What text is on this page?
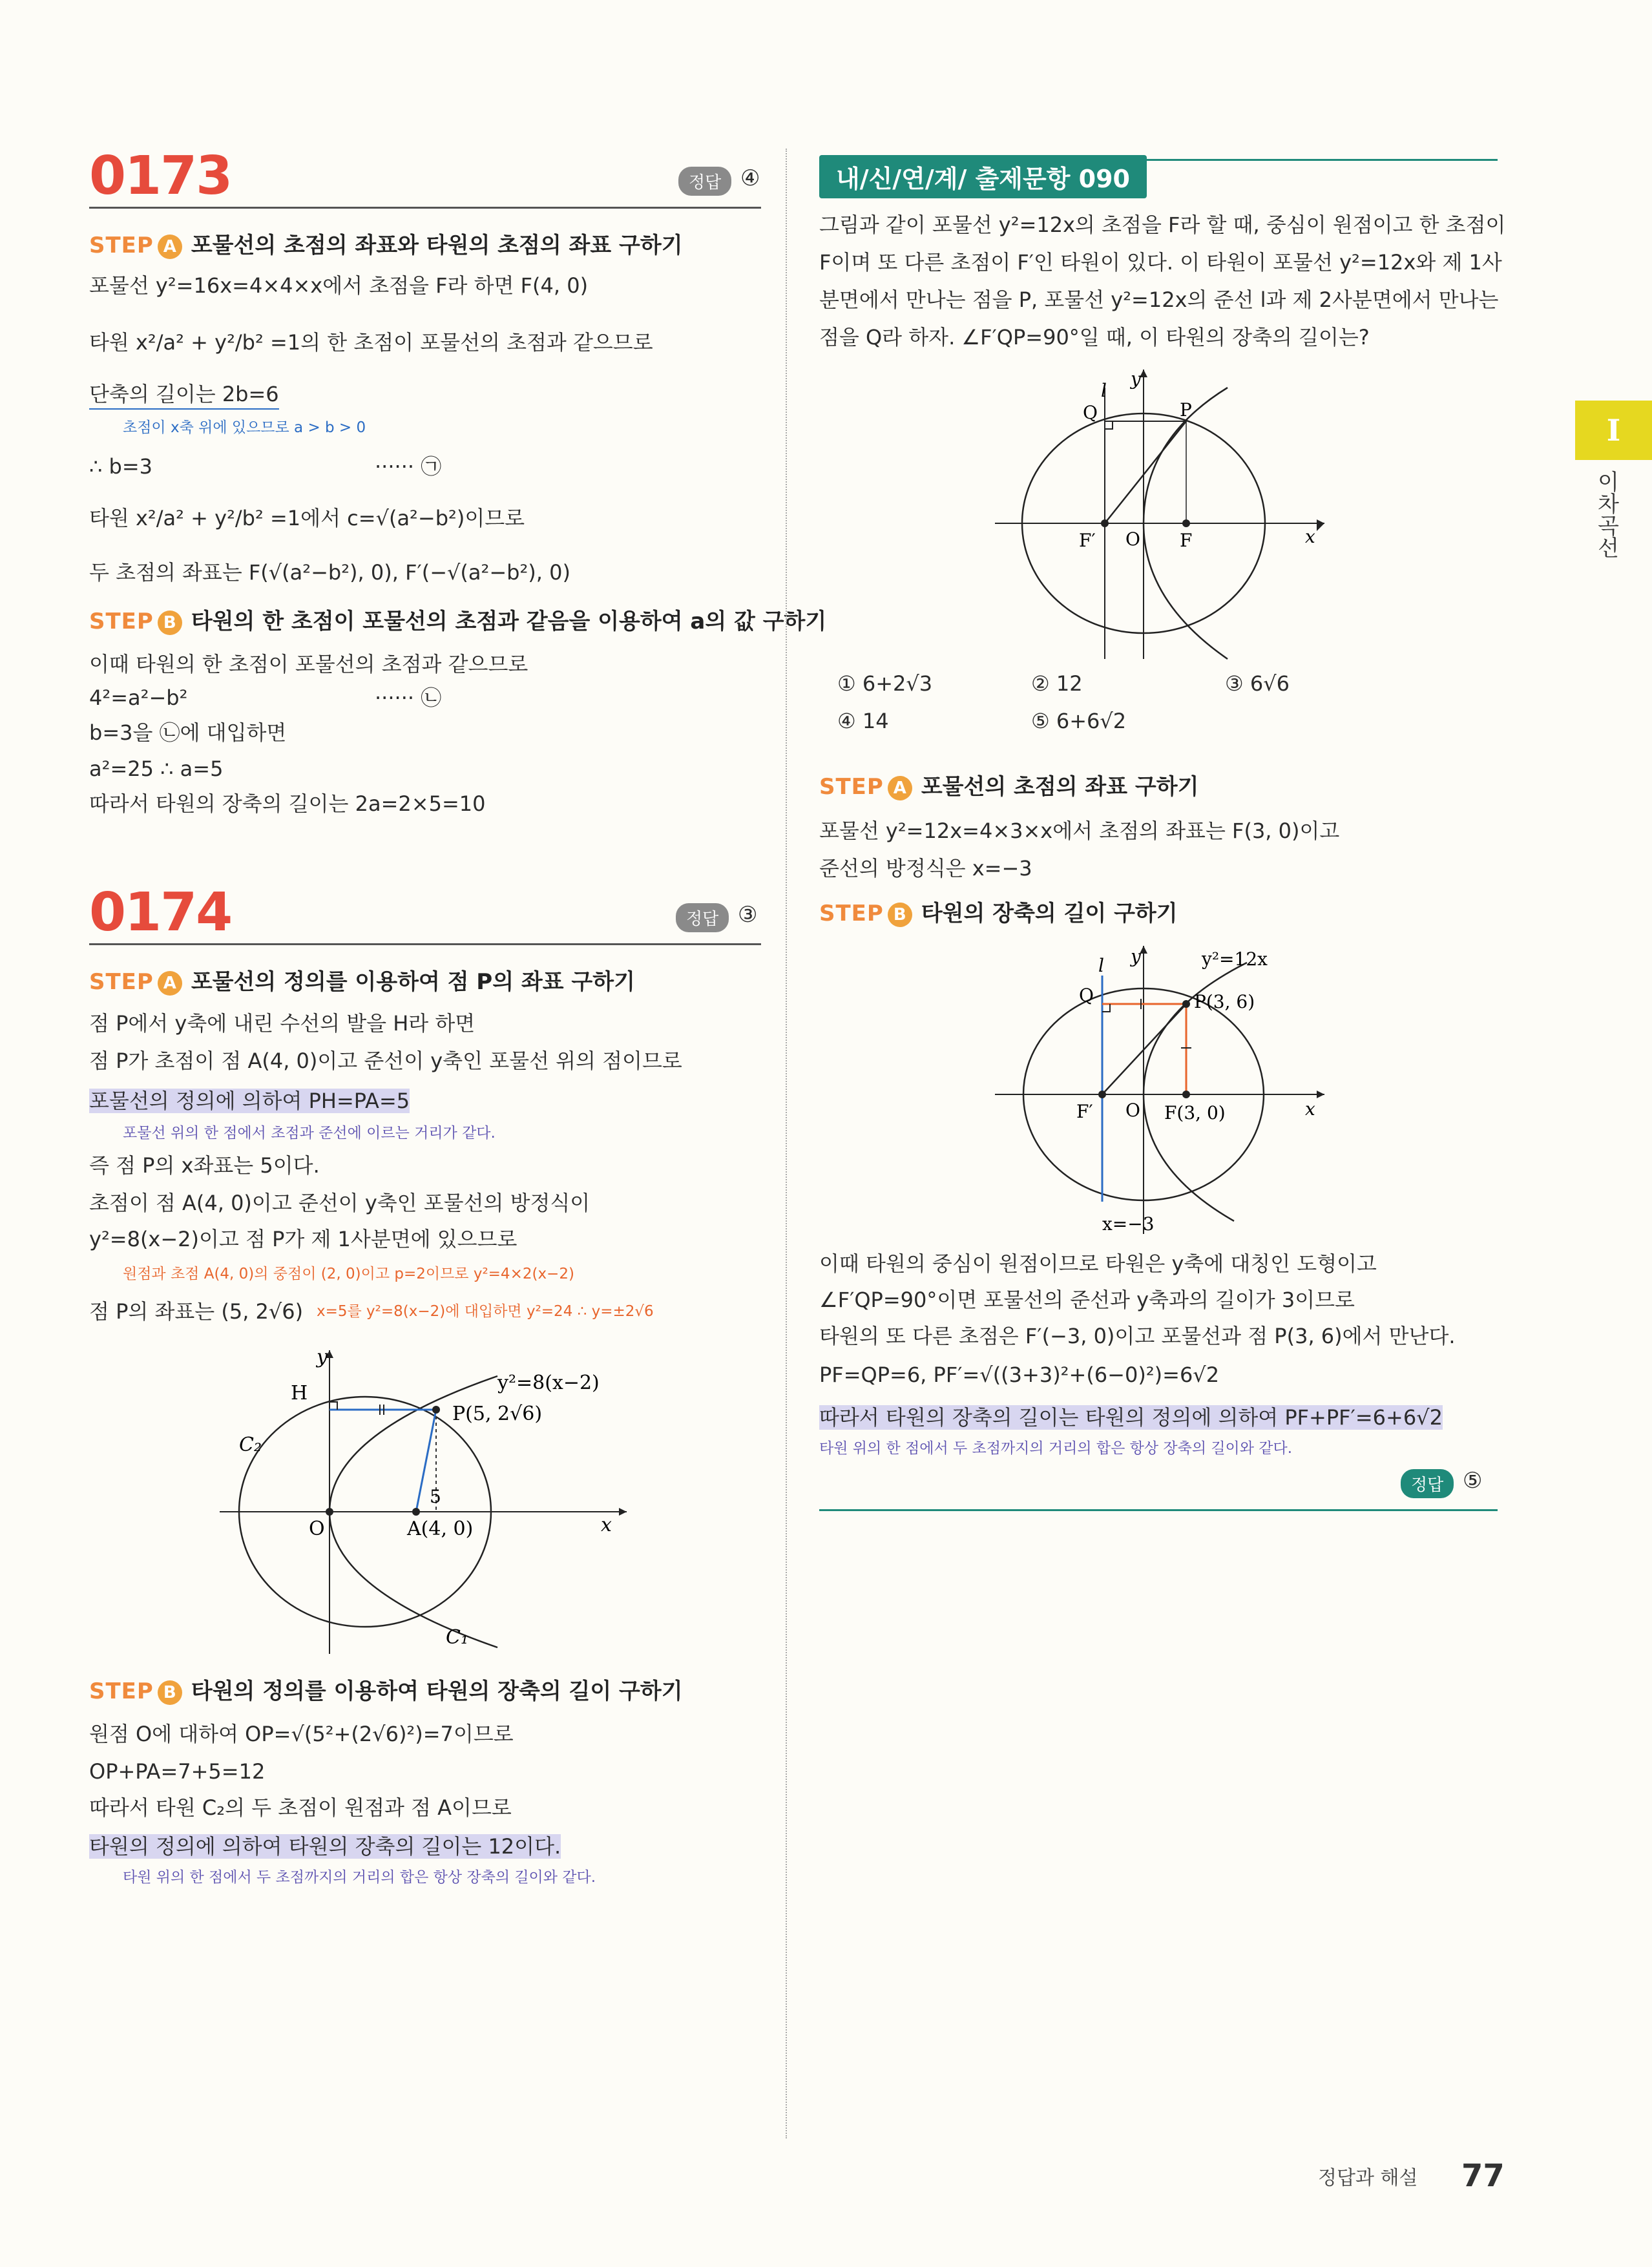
0173	정답 ④
STEP A 포물선의 초점의 좌표와 타원의 초점의 좌표 구하기
포물선 y²=16x=4×4×x에서 초점을 F라 하면 F(4, 0)
타원 x²/a² + y²/b² =1의 한 초점이 포물선의 초점과 같으므로
단축의 길이는 2b=6
초점이 x축 위에 있으므로 a > b > 0
∴ b=3	······ ㉠
타원 x²/a² + y²/b² =1에서 c=√(a²−b²)이므로
두 초점의 좌표는 F(√(a²−b²), 0), F′(−√(a²−b²), 0)
STEP B 타원의 한 초점이 포물선의 초점과 같음을 이용하여 a의 값 구하기
이때 타원의 한 초점이 포물선의 초점과 같으므로
4²=a²−b²	······ ㉡
b=3을 ㉡에 대입하면
a²=25 ∴ a=5
따라서 타원의 장축의 길이는 2a=2×5=10
0174	정답 ③
STEP A 포물선의 정의를 이용하여 점 P의 좌표 구하기
점 P에서 y축에 내린 수선의 발을 H라 하면
점 P가 초점이 점 A(4, 0)이고 준선이 y축인 포물선 위의 점이므로
포물선의 정의에 의하여 PH=PA=5
포물선 위의 한 점에서 초점과 준선에 이르는 거리가 같다.
즉 점 P의 x좌표는 5이다.
초점이 점 A(4, 0)이고 준선이 y축인 포물선의 방정식이
y²=8(x−2)이고 점 P가 제 1사분면에 있으므로
원점과 초점 A(4, 0)의 중점이 (2, 0)이고 p=2이므로 y²=4×2(x−2)
점 P의 좌표는 (5, 2√6) x=5를 y²=8(x−2)에 대입하면 y²=24 ∴ y=±2√6
y
x
y²=8(x−2)
H
P(5, 2√6)
C₂
5
O	A(4, 0)
C₁
STEP B 타원의 정의를 이용하여 타원의 장축의 길이 구하기
원점 O에 대하여 OP=√(5²+(2√6)²)=7이므로
OP+PA=7+5=12
따라서 타원 C₂의 두 초점이 원점과 점 A이므로
타원의 정의에 의하여 타원의 장축의 길이는 12이다.
타원 위의 한 점에서 두 초점까지의 거리의 합은 항상 장축의 길이와 같다.
내/신/연/계/ 출제문항 090
그림과 같이 포물선 y²=12x의 초점을 F라 할 때, 중심이 원점이고 한 초점이
F이며 또 다른 초점이 F′인 타원이 있다. 이 타원이 포물선 y²=12x와 제 1사
분면에서 만나는 점을 P, 포물선 y²=12x의 준선 l과 제 2사분면에서 만나는
점을 Q라 하자. ∠F′QP=90°일 때, 이 타원의 장축의 길이는?
y
x
l
Q	P
F′ O F
① 6+2√3	② 12	③ 6√6
④ 14	⑤ 6+6√2
STEP A 포물선의 초점의 좌표 구하기
포물선 y²=12x=4×3×x에서 초점의 좌표는 F(3, 0)이고
준선의 방정식은 x=−3
STEP B 타원의 장축의 길이 구하기
y
x
l	y²=12x
Q	P(3, 6)
F′ O F(3, 0)
x=−3
이때 타원의 중심이 원점이므로 타원은 y축에 대칭인 도형이고
∠F′QP=90°이면 포물선의 준선과 y축과의 길이가 3이므로
타원의 또 다른 초점은 F′(−3, 0)이고 포물선과 점 P(3, 6)에서 만난다.
PF=QP=6, PF′=√((3+3)²+(6−0)²)=6√2
따라서 타원의 장축의 길이는 타원의 정의에 의하여 PF+PF′=6+6√2
타원 위의 한 점에서 두 초점까지의 거리의 합은 항상 장축의 길이와 같다.
정답 ⑤
I
이차곡선
정답과 해설 77
